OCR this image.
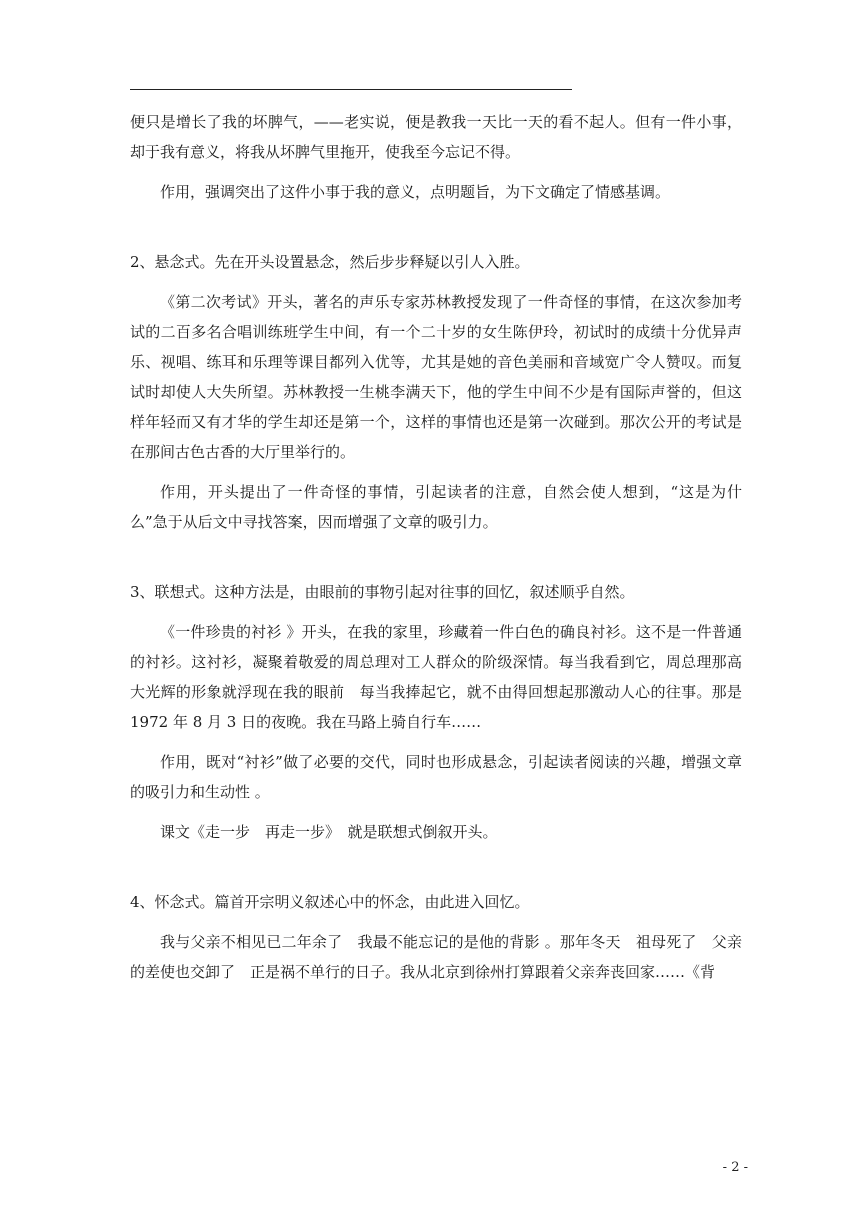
便只是增长了我的坏脾气，——老实说，便是教我一天比一天的看不起人。但有一件小事，却于我有意义，将我从坏脾气里拖开，使我至今忘记不得。

作用，强调突出了这件小事于我的意义，点明题旨，为下文确定了情感基调。

2、悬念式。先在开头设置悬念，然后步步释疑以引人入胜。

《第二次考试》开头，著名的声乐专家苏林教授发现了一件奇怪的事情，在这次参加考试的二百多名合唱训练班学生中间，有一个二十岁的女生陈伊玲，初试时的成绩十分优异声乐、视唱、练耳和乐理等课目都列入优等，尤其是她的音色美丽和音域宽广令人赞叹。而复试时却使人大失所望。苏林教授一生桃李满天下，他的学生中间不少是有国际声誉的，但这样年轻而又有才华的学生却还是第一个，这样的事情也还是第一次碰到。那次公开的考试是在那间古色古香的大厅里举行的。

作用，开头提出了一件奇怪的事情，引起读者的注意，自然会使人想到，“这是为什么”急于从后文中寻找答案，因而增强了文章的吸引力。

3、联想式。这种方法是，由眼前的事物引起对往事的回忆，叙述顺乎自然。

《一件珍贵的衬衫 》开头，在我的家里，珍藏着一件白色的确良衬衫。这不是一件普通的衬衫。这衬衫，凝聚着敬爱的周总理对工人群众的阶级深情。每当我看到它，周总理那高大光辉的形象就浮现在我的眼前　每当我捧起它，就不由得回想起那激动人心的往事。那是 1972 年 8 月 3 日的夜晚。我在马路上骑自行车……

作用，既对“衬衫”做了必要的交代，同时也形成悬念，引起读者阅读的兴趣，增强文章的吸引力和生动性 。

课文《走一步　再走一步》　就是联想式倒叙开头。

4、怀念式。篇首开宗明义叙述心中的怀念，由此进入回忆。

我与父亲不相见已二年余了　我最不能忘记的是他的背影 。那年冬天　祖母死了　父亲的差使也交卸了　正是祸不单行的日子。我从北京到徐州打算跟着父亲奔丧回家……《背

- 2 -
